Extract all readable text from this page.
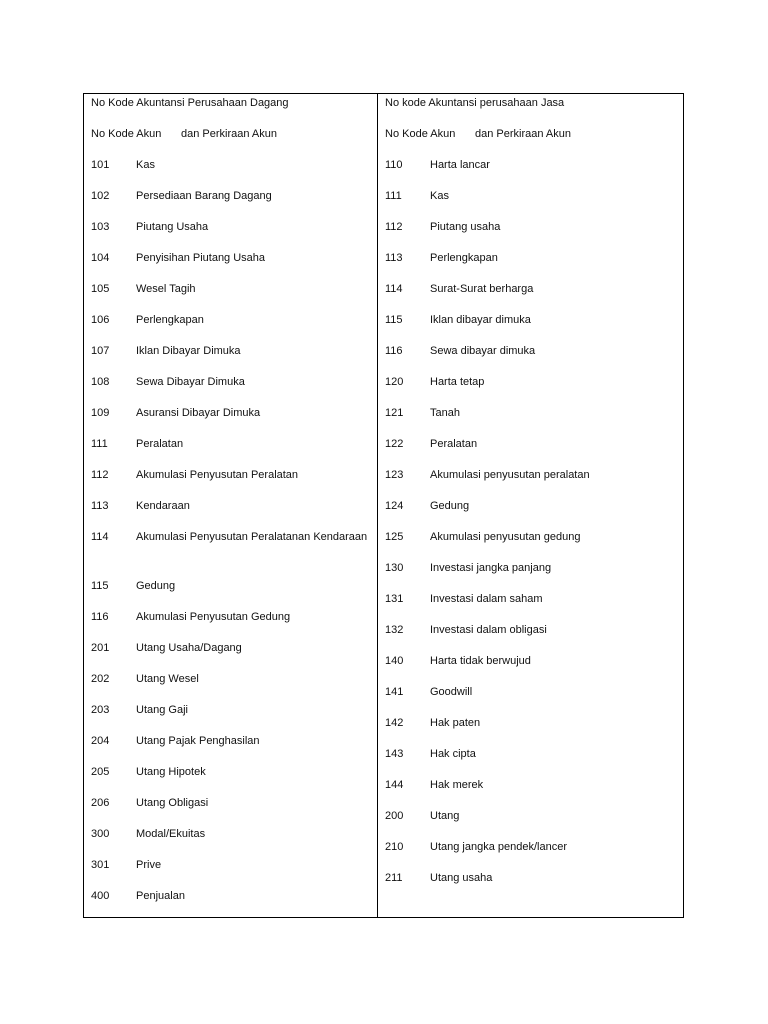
No Kode Akuntansi Perusahaan Dagang
No Kode Akun	dan Perkiraan Akun
101	Kas
102	Persediaan Barang Dagang
103	Piutang Usaha
104	Penyisihan Piutang Usaha
105	Wesel Tagih
106	Perlengkapan
107	Iklan Dibayar Dimuka
108	Sewa Dibayar Dimuka
109	Asuransi Dibayar Dimuka
111	Peralatan
112	Akumulasi Penyusutan Peralatan
113	Kendaraan
114 Akumulasi Penyusutan Peralatanan Kendaraan
115	Gedung
116	Akumulasi Penyusutan Gedung
201	Utang Usaha/Dagang
202	Utang Wesel
203	Utang Gaji
204	Utang Pajak Penghasilan
205	Utang Hipotek
206	Utang Obligasi
300	Modal/Ekuitas
301	Prive
400	Penjualan
No kode Akuntansi perusahaan Jasa
No Kode Akun	dan Perkiraan Akun
110	Harta lancar
111	Kas
112	Piutang usaha
113	Perlengkapan
114	Surat-Surat berharga
115	Iklan dibayar dimuka
116	Sewa dibayar dimuka
120	Harta tetap
121	Tanah
122	Peralatan
123	Akumulasi penyusutan peralatan
124	Gedung
125	Akumulasi penyusutan gedung
130	Investasi jangka panjang
131	Investasi dalam saham
132	Investasi dalam obligasi
140	Harta tidak berwujud
141	Goodwill
142	Hak paten
143	Hak cipta
144	Hak merek
200	Utang
210	Utang jangka pendek/lancer
211	Utang usaha
